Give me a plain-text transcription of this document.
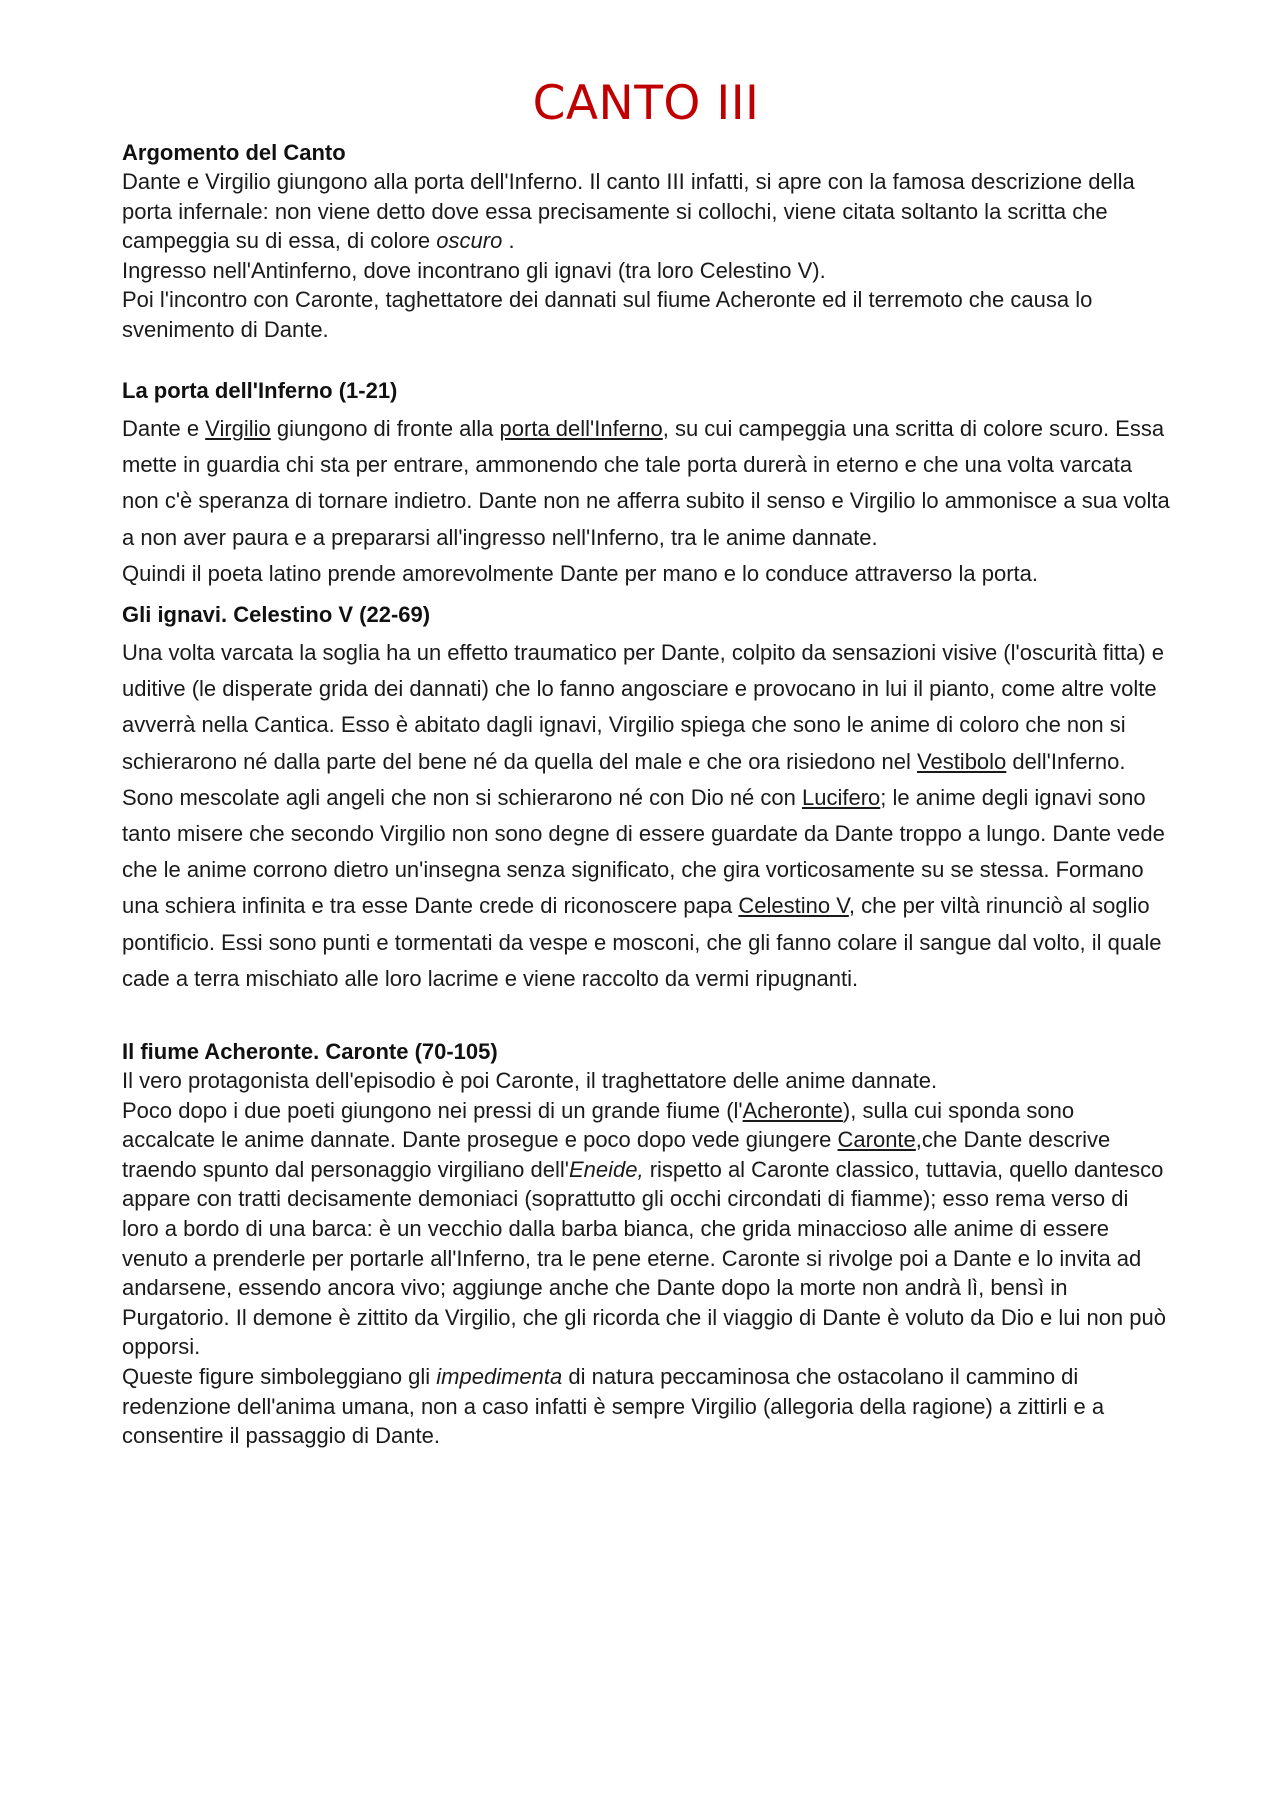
CANTO III
Argomento del Canto

Dante e Virgilio giungono alla porta dell'Inferno. Il canto III infatti, si apre con la famosa descrizione della porta infernale: non viene detto dove essa precisamente si collochi, viene citata soltanto la scritta che campeggia su di essa, di colore oscuro .

Ingresso nell'Antinferno, dove incontrano gli ignavi (tra loro Celestino V).

Poi l'incontro con Caronte, taghettatore dei dannati sul fiume Acheronte ed il terremoto che causa lo svenimento di Dante.

La porta dell'Inferno (1-21)

Dante e Virgilio giungono di fronte alla porta dell'Inferno, su cui campeggia una scritta di colore scuro. Essa mette in guardia chi sta per entrare, ammonendo che tale porta durerà in eterno e che una volta varcata non c'è speranza di tornare indietro. Dante non ne afferra subito il senso e Virgilio lo ammonisce a sua volta a non aver paura e a prepararsi all'ingresso nell'Inferno, tra le anime dannate.

Quindi il poeta latino prende amorevolmente Dante per mano e lo conduce attraverso la porta.

Gli ignavi. Celestino V (22-69)

Una volta varcata la soglia ha un effetto traumatico per Dante, colpito da sensazioni visive (l'oscurità fitta) e uditive (le disperate grida dei dannati) che lo fanno angosciare e provocano in lui il pianto, come altre volte avverrà nella Cantica. Esso è abitato dagli ignavi, Virgilio spiega che sono le anime di coloro che non si schierarono né dalla parte del bene né da quella del male e che ora risiedono nel Vestibolo dell'Inferno. Sono mescolate agli angeli che non si schierarono né con Dio né con Lucifero; le anime degli ignavi sono tanto misere che secondo Virgilio non sono degne di essere guardate da Dante troppo a lungo. Dante vede che le anime corrono dietro un'insegna senza significato, che gira vorticosamente su se stessa. Formano una schiera infinita e tra esse Dante crede di riconoscere papa Celestino V, che per viltà rinunciò al soglio pontificio. Essi sono punti e tormentati da vespe e mosconi, che gli fanno colare il sangue dal volto, il quale cade a terra mischiato alle loro lacrime e viene raccolto da vermi ripugnanti.

Il fiume Acheronte. Caronte (70-105)

Il vero protagonista dell'episodio è poi Caronte, il traghettatore delle anime dannate.

Poco dopo i due poeti giungono nei pressi di un grande fiume (l'Acheronte), sulla cui sponda sono accalcate le anime dannate. Dante prosegue e poco dopo vede giungere Caronte,che Dante descrive traendo spunto dal personaggio virgiliano dell'Eneide, rispetto al Caronte classico, tuttavia, quello dantesco appare con tratti decisamente demoniaci (soprattutto gli occhi circondati di fiamme); esso rema verso di loro a bordo di una barca: è un vecchio dalla barba bianca, che grida minaccioso alle anime di essere venuto a prenderle per portarle all'Inferno, tra le pene eterne. Caronte si rivolge poi a Dante e lo invita ad andarsene, essendo ancora vivo; aggiunge anche che Dante dopo la morte non andrà lì, bensì in Purgatorio. Il demone è zittito da Virgilio, che gli ricorda che il viaggio di Dante è voluto da Dio e lui non può opporsi.

Queste figure simboleggiano gli impedimenta di natura peccaminosa che ostacolano il cammino di redenzione dell'anima umana, non a caso infatti è sempre Virgilio (allegoria della ragione) a zittirli e a consentire il passaggio di Dante.
